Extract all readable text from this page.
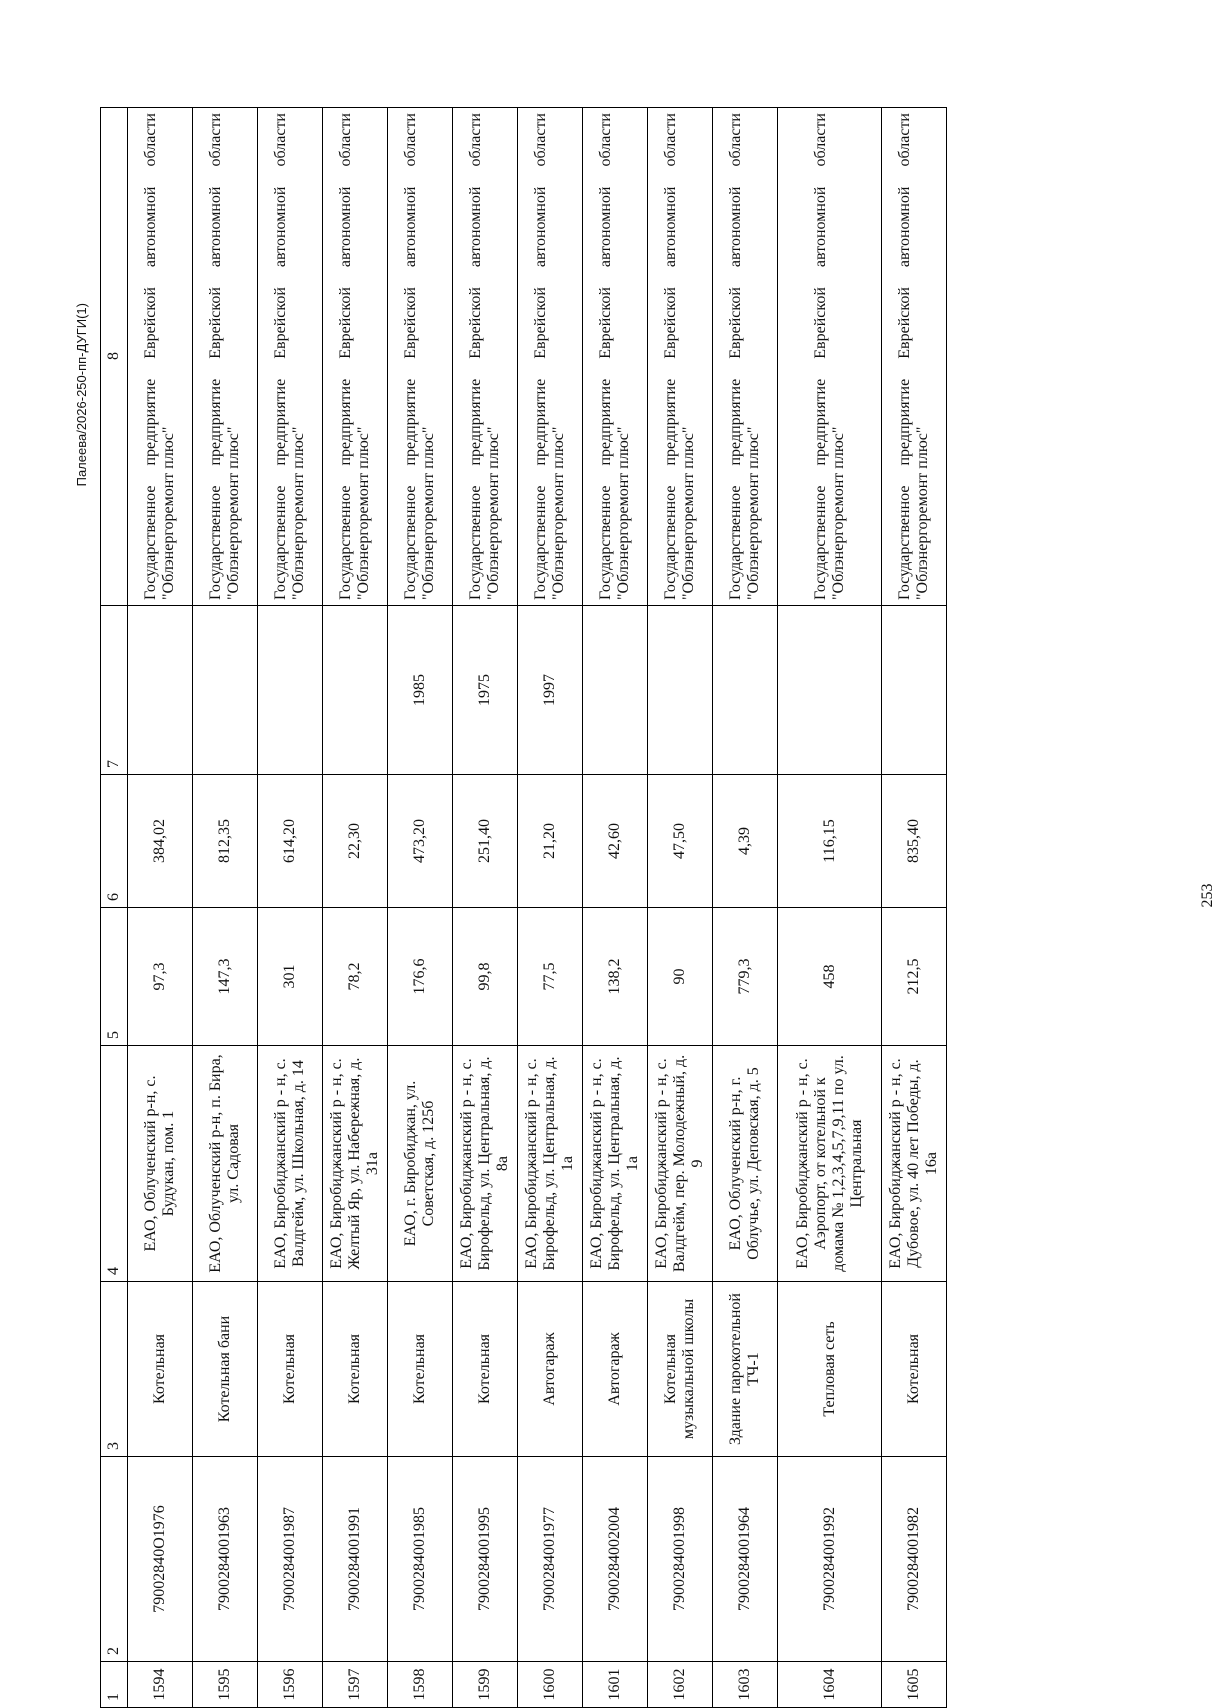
Палеева/2026-250-пп-ДУГИ(1)
1	2	3	4	5	6	7	8
1594	79002840О1976	Котельная	ЕАО, Облученский р-н, с. Будукан, пом. 1	97,3	384,02		Государственное предприятие Еврейской автономной области "Облэнергоремонт плюс"
1595	7900284001963	Котельная бани	ЕАО, Облученский р-н, п. Бира, ул. Садовая	147,3	812,35		Государственное предприятие Еврейской автономной области "Облэнергоремонт плюс"
1596	7900284001987	Котельная	ЕАО, Биробиджанский р - н, с. Валдгейм, ул. Школьная, д. 14	301	614,20		Государственное предприятие Еврейской автономной области "Облэнергоремонт плюс"
1597	7900284001991	Котельная	ЕАО, Биробиджанский р - н, с. Желтый Яр, ул. Набережная, д. 31а	78,2	22,30		Государственное предприятие Еврейской автономной области "Облэнергоремонт плюс"
1598	7900284001985	Котельная	ЕАО, г. Биробиджан, ул. Советская, д. 125б	176,6	473,20	1985	Государственное предприятие Еврейской автономной области "Облэнергоремонт плюс"
1599	7900284001995	Котельная	ЕАО, Биробиджанский р - н, с. Бирофельд, ул. Центральная, д. 8а	99,8	251,40	1975	Государственное предприятие Еврейской автономной области "Облэнергоремонт плюс"
1600	7900284001977	Автогараж	ЕАО, Биробиджанский р - н, с. Бирофельд, ул. Центральная, д. 1а	77,5	21,20	1997	Государственное предприятие Еврейской автономной области "Облэнергоремонт плюс"
1601	7900284002004	Автогараж	ЕАО, Биробиджанский р - н, с. Бирофельд, ул. Центральная, д. 1а	138,2	42,60		Государственное предприятие Еврейской автономной области "Облэнергоремонт плюс"
1602	7900284001998	Котельная музыкальной школы	ЕАО, Биробиджанский р - н, с. Валдгейм, пер. Молодежный, д. 9	90	47,50		Государственное предприятие Еврейской автономной области "Облэнергоремонт плюс"
1603	7900284001964	Здание парокотельной ТЧ-1	ЕАО, Облученский р-н, г. Облучье, ул. Деповская, д. 5	779,3	4,39		Государственное предприятие Еврейской автономной области "Облэнергоремонт плюс"
1604	7900284001992	Тепловая сеть	ЕАО, Биробиджанский р - н, с. Аэропорт, от котельной к домама № 1,2,3,4,5,7,9,11 по ул. Центральная	458	116,15		Государственное предприятие Еврейской автономной области "Облэнергоремонт плюс"
1605	7900284001982	Котельная	ЕАО, Биробиджанский р - н, с. Дубовое, ул. 40 лет Победы, д. 16а	212,5	835,40		Государственное предприятие Еврейской автономной области "Облэнергоремонт плюс"
253
